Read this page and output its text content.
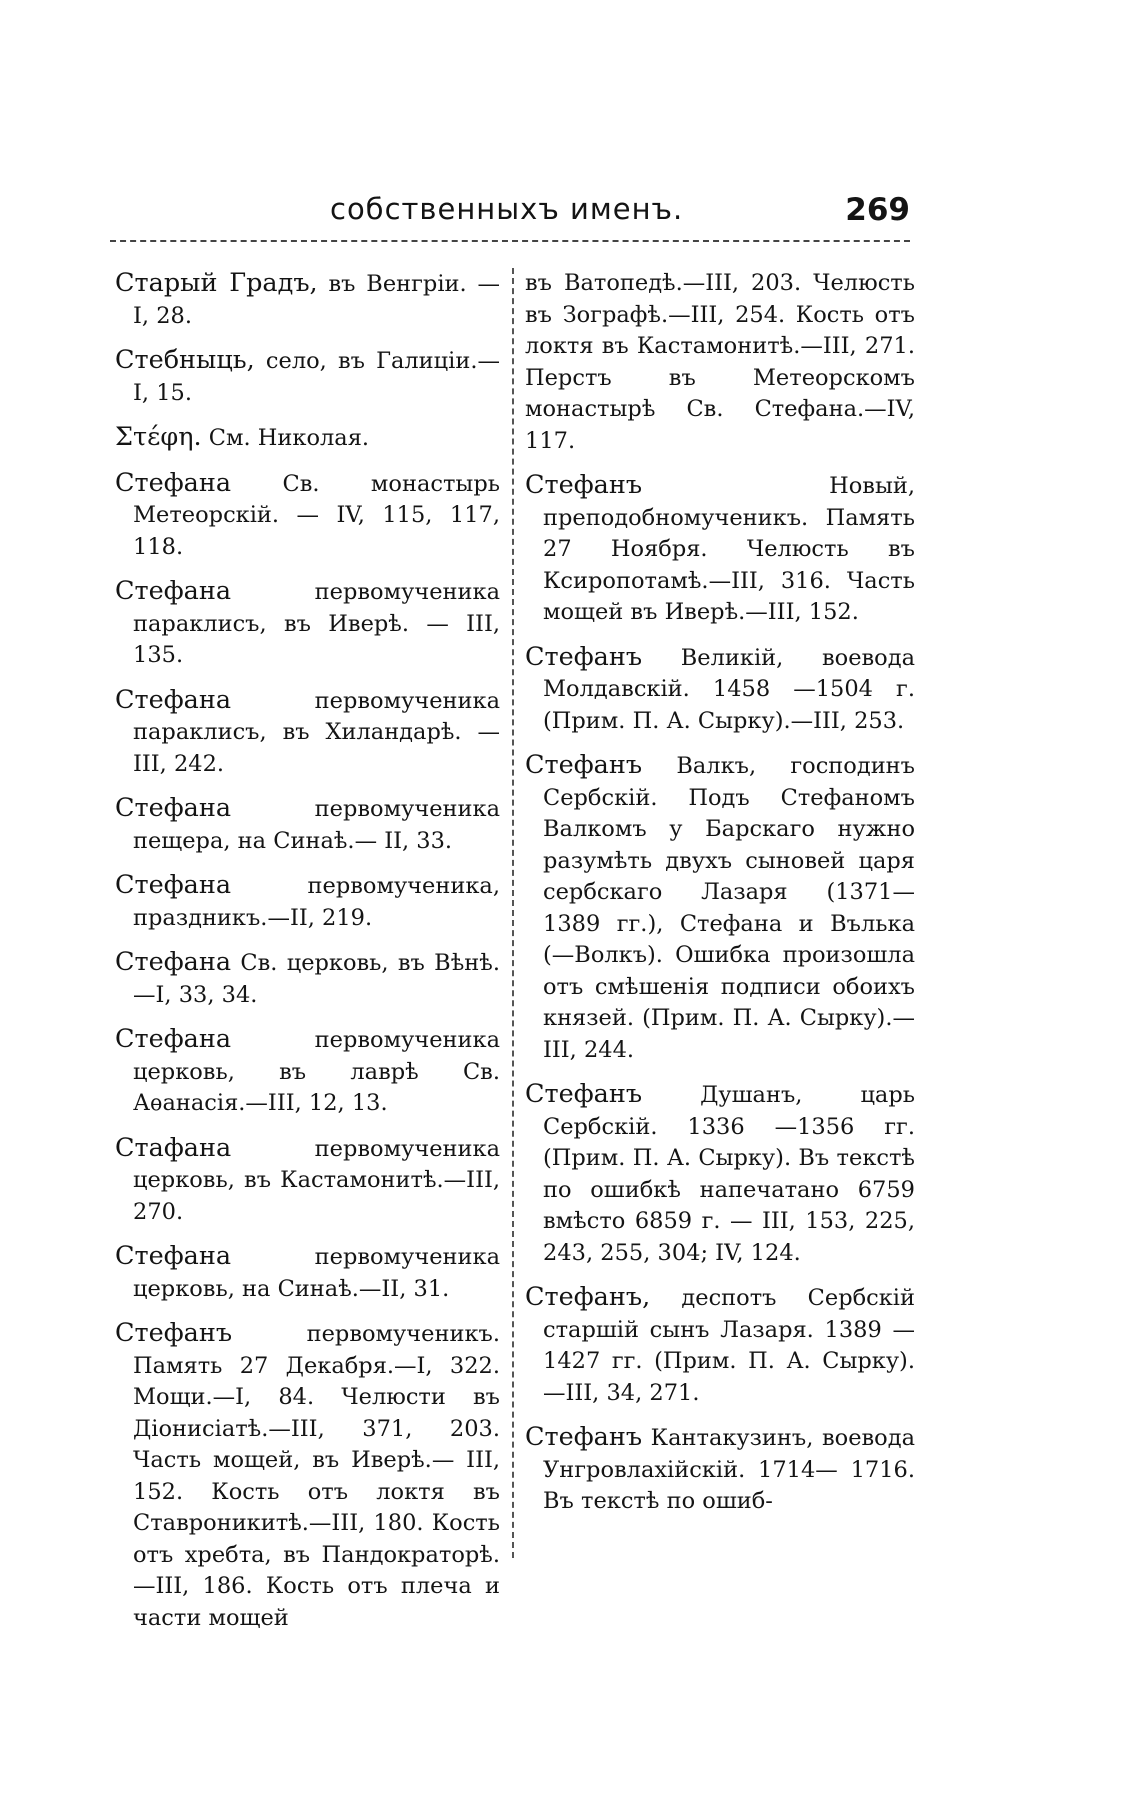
собственныхъ именъ.	269

Старый Градъ, въ Венгріи. —I, 28.

Стебныць, село, въ Галиціи.— I, 15.

Στέφη. См. Николая.

Стефана Св. монастырь Метеорскій. — IV, 115, 117, 118.

Стефана первомученика параклисъ, въ Иверѣ. — III, 135.

Стефана первомученика параклисъ, въ Хиландарѣ. — III, 242.

Стефана первомученика пещера, на Синаѣ.— II, 33.

Стефана первомученика, праздникъ.—II, 219.

Стефана Св. церковь, въ Вѣнѣ.—I, 33, 34.

Стефана первомученика церковь, въ лаврѣ Св. Аѳанасія.—III, 12, 13.

Стафана первомученика церковь, въ Кастамонитѣ.—III, 270.

Стефана первомученика церковь, на Синаѣ.—II, 31.

Стефанъ первомученикъ. Память 27 Декабря.—I, 322. Мощи.—I, 84. Челюсти въ Діонисіатѣ.—III, 371, 203. Часть мощей, въ Иверѣ.— III, 152. Кость отъ локтя въ Ставроникитѣ.—III, 180. Кость отъ хребта, въ Пандократорѣ.—III, 186. Кость отъ плеча и части мощей

въ Ватопедѣ.—III, 203. Челюсть въ Зографѣ.—III, 254. Кость отъ локтя въ Кастамонитѣ.—III, 271. Перстъ въ Метеорскомъ монастырѣ Св. Стефана.—IV, 117.

Стефанъ Новый, преподобномученикъ. Память 27 Ноября. Челюсть въ Ксиропотамѣ.—III, 316. Часть мощей въ Иверѣ.—III, 152.

Стефанъ Великій, воевода Молдавскій. 1458 —1504 г. (Прим. П. А. Сырку).—III, 253.

Стефанъ Валкъ, господинъ Сербскій. Подъ Стефаномъ Валкомъ у Барскаго нужно разумѣть двухъ сыновей царя сербскаго Лазаря (1371— 1389 гг.), Стефана и Вълька (—Волкъ). Ошибка произошла отъ смѣшенія подписи обоихъ князей. (Прим. П. А. Сырку).—III, 244.

Стефанъ Душанъ, царь Сербскій. 1336 —1356 гг. (Прим. П. А. Сырку). Въ текстѣ по ошибкѣ напечатано 6759 вмѣсто 6859 г. — III, 153, 225, 243, 255, 304; IV, 124.

Стефанъ, деспотъ Сербскій старшій сынъ Лазаря. 1389 —1427 гг. (Прим. П. А. Сырку).—III, 34, 271.

Стефанъ Кантакузинъ, воевода Унгровлахійскій. 1714— 1716. Въ текстѣ по ошиб-
